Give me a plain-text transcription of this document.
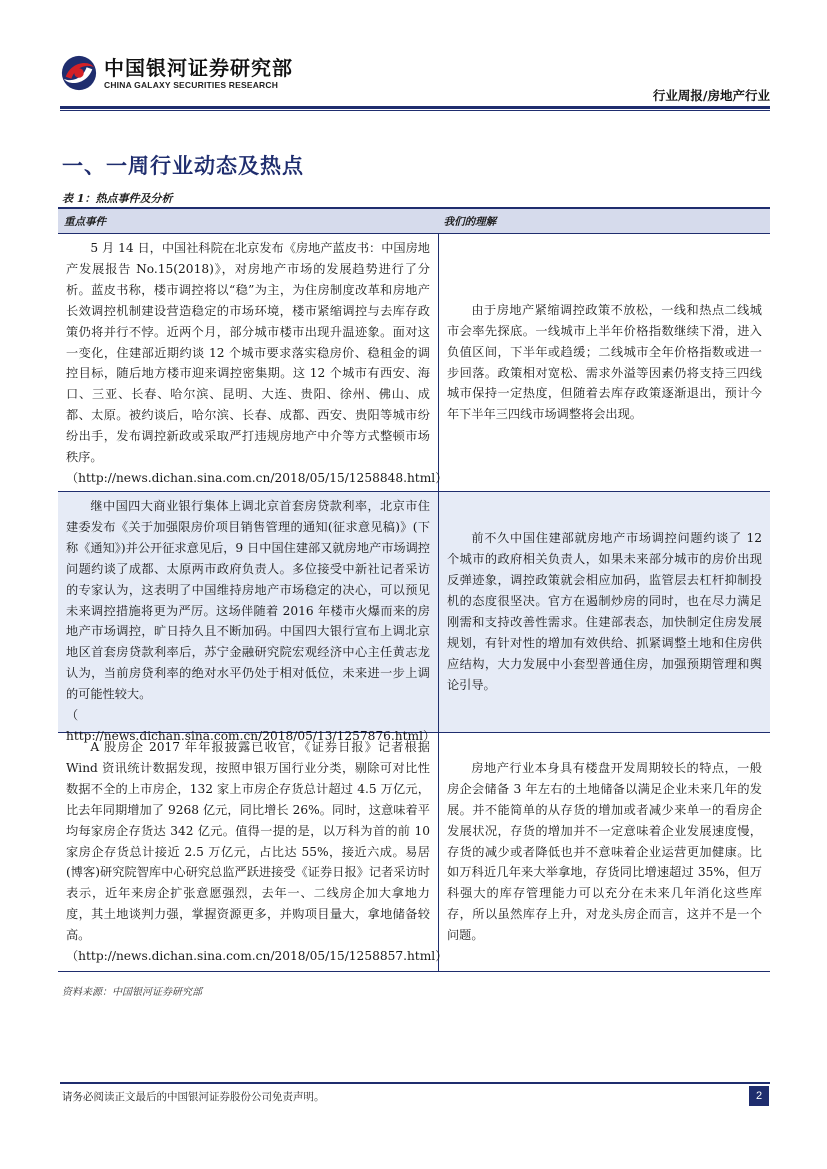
中国银河证券研究部
CHINA GALAXY SECURITIES RESEARCH
行业周报/房地产行业
一、一周行业动态及热点
表 1：热点事件及分析
重点事件	我们的理解

5 月 14 日，中国社科院在北京发布《房地产蓝皮书：中国房地产发展报告 No.15(2018)》，对房地产市场的发展趋势进行了分析。蓝皮书称，楼市调控将以“稳”为主，为住房制度改革和房地产长效调控机制建设营造稳定的市场环境，楼市紧缩调控与去库存政策仍将并行不悖。近两个月，部分城市楼市出现升温迹象。面对这一变化，住建部近期约谈 12 个城市要求落实稳房价、稳租金的调控目标，随后地方楼市迎来调控密集期。这 12 个城市有西安、海口、三亚、长春、哈尔滨、昆明、大连、贵阳、徐州、佛山、成都、太原。被约谈后，哈尔滨、长春、成都、西安、贵阳等城市纷纷出手，发布调控新政或采取严打违规房地产中介等方式整顿市场秩序。

（http://news.dichan.sina.com.cn/2018/05/15/1258848.html）

由于房地产紧缩调控政策不放松，一线和热点二线城市会率先探底。一线城市上半年价格指数继续下滑，进入负值区间，下半年或趋缓；二线城市全年价格指数或进一步回落。政策相对宽松、需求外溢等因素仍将支持三四线城市保持一定热度，但随着去库存政策逐渐退出，预计今年下半年三四线市场调整将会出现。

继中国四大商业银行集体上调北京首套房贷款利率，北京市住建委发布《关于加强限房价项目销售管理的通知(征求意见稿)》(下称《通知》)并公开征求意见后，9 日中国住建部又就房地产市场调控问题约谈了成都、太原两市政府负责人。多位接受中新社记者采访的专家认为，这表明了中国维持房地产市场稳定的决心，可以预见未来调控措施将更为严厉。这场伴随着 2016 年楼市火爆而来的房地产市场调控，旷日持久且不断加码。中国四大银行宣布上调北京地区首套房贷款利率后，苏宁金融研究院宏观经济中心主任黄志龙认为，当前房贷利率的绝对水平仍处于相对低位，未来进一步上调的可能性较大。

（ http://news.dichan.sina.com.cn/2018/05/13/1257876.html）

前不久中国住建部就房地产市场调控问题约谈了 12 个城市的政府相关负责人，如果未来部分城市的房价出现反弹迹象，调控政策就会相应加码，监管层去杠杆抑制投机的态度很坚决。官方在遏制炒房的同时，也在尽力满足刚需和支持改善性需求。住建部表态，加快制定住房发展规划，有针对性的增加有效供给、抓紧调整土地和住房供应结构，大力发展中小套型普通住房，加强预期管理和舆论引导。

A 股房企 2017 年年报披露已收官，《证券日报》记者根据 Wind 资讯统计数据发现，按照申银万国行业分类，剔除可对比性数据不全的上市房企，132 家上市房企存货总计超过 4.5 万亿元，比去年同期增加了 9268 亿元，同比增长 26%。同时，这意味着平均每家房企存货达 342 亿元。值得一提的是，以万科为首的前 10 家房企存货总计接近 2.5 万亿元，占比达 55%，接近六成。易居(博客)研究院智库中心研究总监严跃进接受《证券日报》记者采访时表示，近年来房企扩张意愿强烈，去年一、二线房企加大拿地力度，其土地谈判力强，掌握资源更多，并购项目量大，拿地储备较高。

（http://news.dichan.sina.com.cn/2018/05/15/1258857.html）

房地产行业本身具有楼盘开发周期较长的特点，一般房企会储备 3 年左右的土地储备以满足企业未来几年的发展。并不能简单的从存货的增加或者减少来单一的看房企发展状况，存货的增加并不一定意味着企业发展速度慢，存货的减少或者降低也并不意味着企业运营更加健康。比如万科近几年来大举拿地，存货同比增速超过 35%，但万科强大的库存管理能力可以充分在未来几年消化这些库存，所以虽然库存上升，对龙头房企而言，这并不是一个问题。

资料来源：中国银河证券研究部
请务必阅读正文最后的中国银河证券股份公司免责声明。	2
